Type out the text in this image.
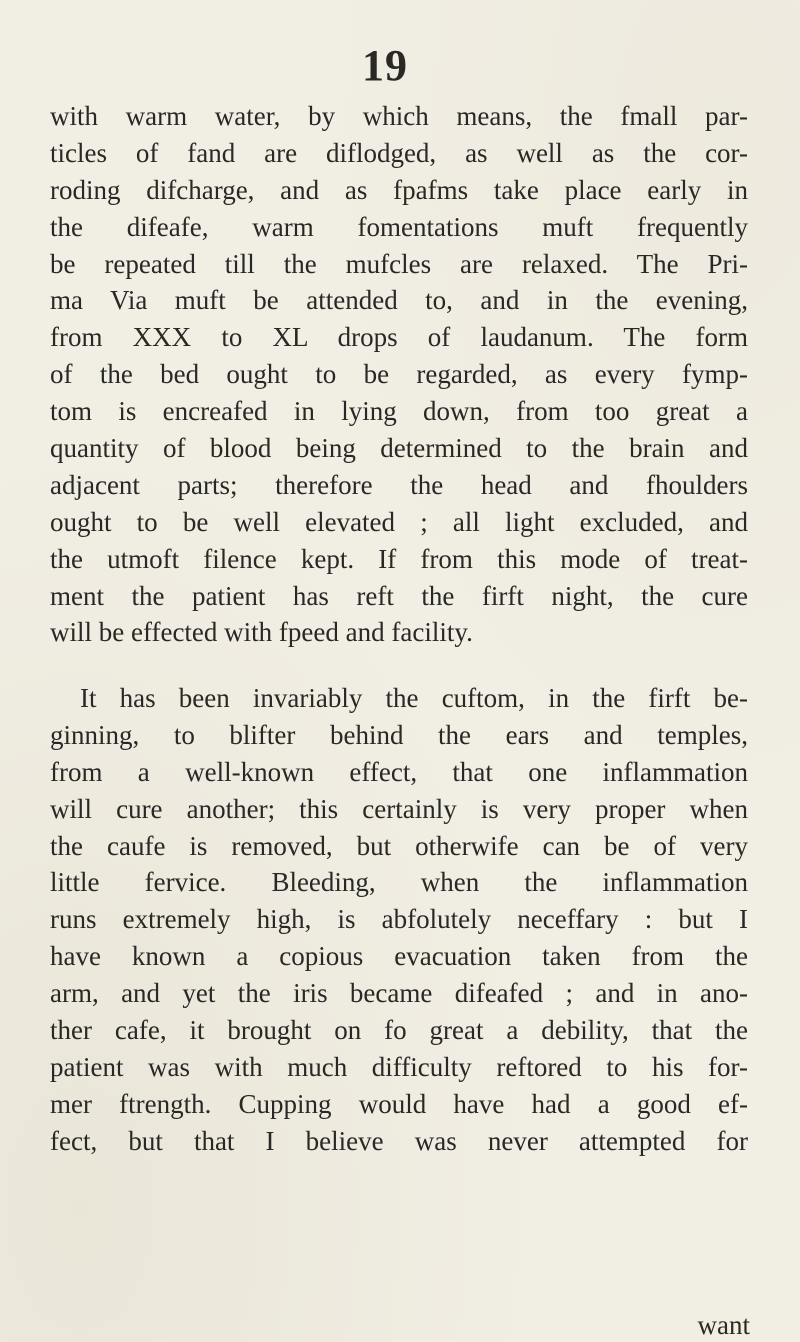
19
with warm water, by which means, the fmall par-
ticles of fand are diflodged, as well as the cor-
roding difcharge, and as fpafms take place early in
the difeafe, warm fomentations muft frequently
be repeated till the mufcles are relaxed. The Pri-
ma Via muft be attended to, and in the evening,
from XXX to XL drops of laudanum. The form
of the bed ought to be regarded, as every fymp-
tom is encreafed in lying down, from too great a
quantity of blood being determined to the brain and
adjacent parts; therefore the head and fhoulders
ought to be well elevated ; all light excluded, and
the utmoft filence kept. If from this mode of treat-
ment the patient has reft the firft night, the cure
will be effected with fpeed and facility.
It has been invariably the cuftom, in the firft be-
ginning, to blifter behind the ears and temples,
from a well-known effect, that one inflammation
will cure another; this certainly is very proper when
the caufe is removed, but otherwife can be of very
little fervice. Bleeding, when the inflammation
runs extremely high, is abfolutely neceffary : but I
have known a copious evacuation taken from the
arm, and yet the iris became difeafed ; and in ano-
ther cafe, it brought on fo great a debility, that the
patient was with much difficulty reftored to his for-
mer ftrength. Cupping would have had a good ef-
fect, but that I believe was never attempted for
want
